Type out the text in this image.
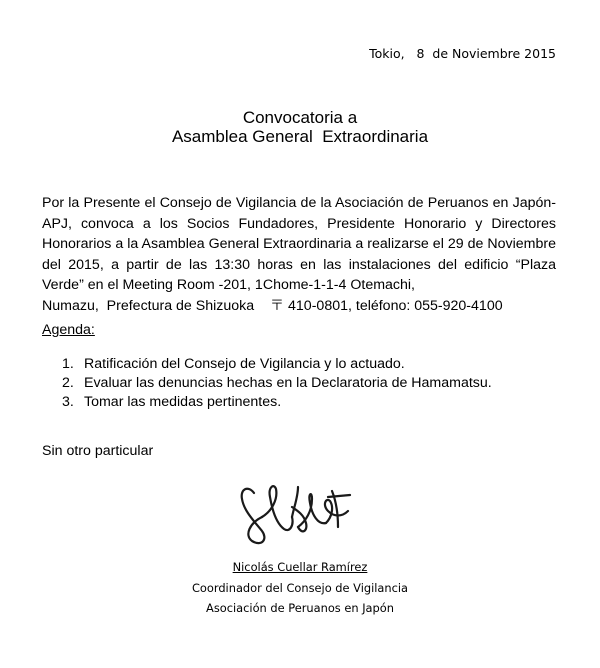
Tokio,   8  de Noviembre 2015
Convocatoria a
Asamblea General  Extraordinaria
Por la Presente el Consejo de Vigilancia de la Asociación de Peruanos en Japón-APJ, convoca a los Socios Fundadores, Presidente Honorario y Directores Honorarios a la Asamblea General Extraordinaria a realizarse el 29 de Noviembre del 2015, a partir de las 13:30 horas en las instalaciones del edificio “Plaza Verde” en el Meeting Room -201, 1Chome-1-1-4 Otemachi,
Numazu,  Prefectura de Shizuoka    〒 410-0801, teléfono: 055-920-4100
Agenda:
1. Ratificación del Consejo de Vigilancia y lo actuado.
2. Evaluar las denuncias hechas en la Declaratoria de Hamamatsu.
3. Tomar las medidas pertinentes.
Sin otro particular
Nicolás Cuellar Ramírez
Coordinador del Consejo de Vigilancia
Asociación de Peruanos en Japón
